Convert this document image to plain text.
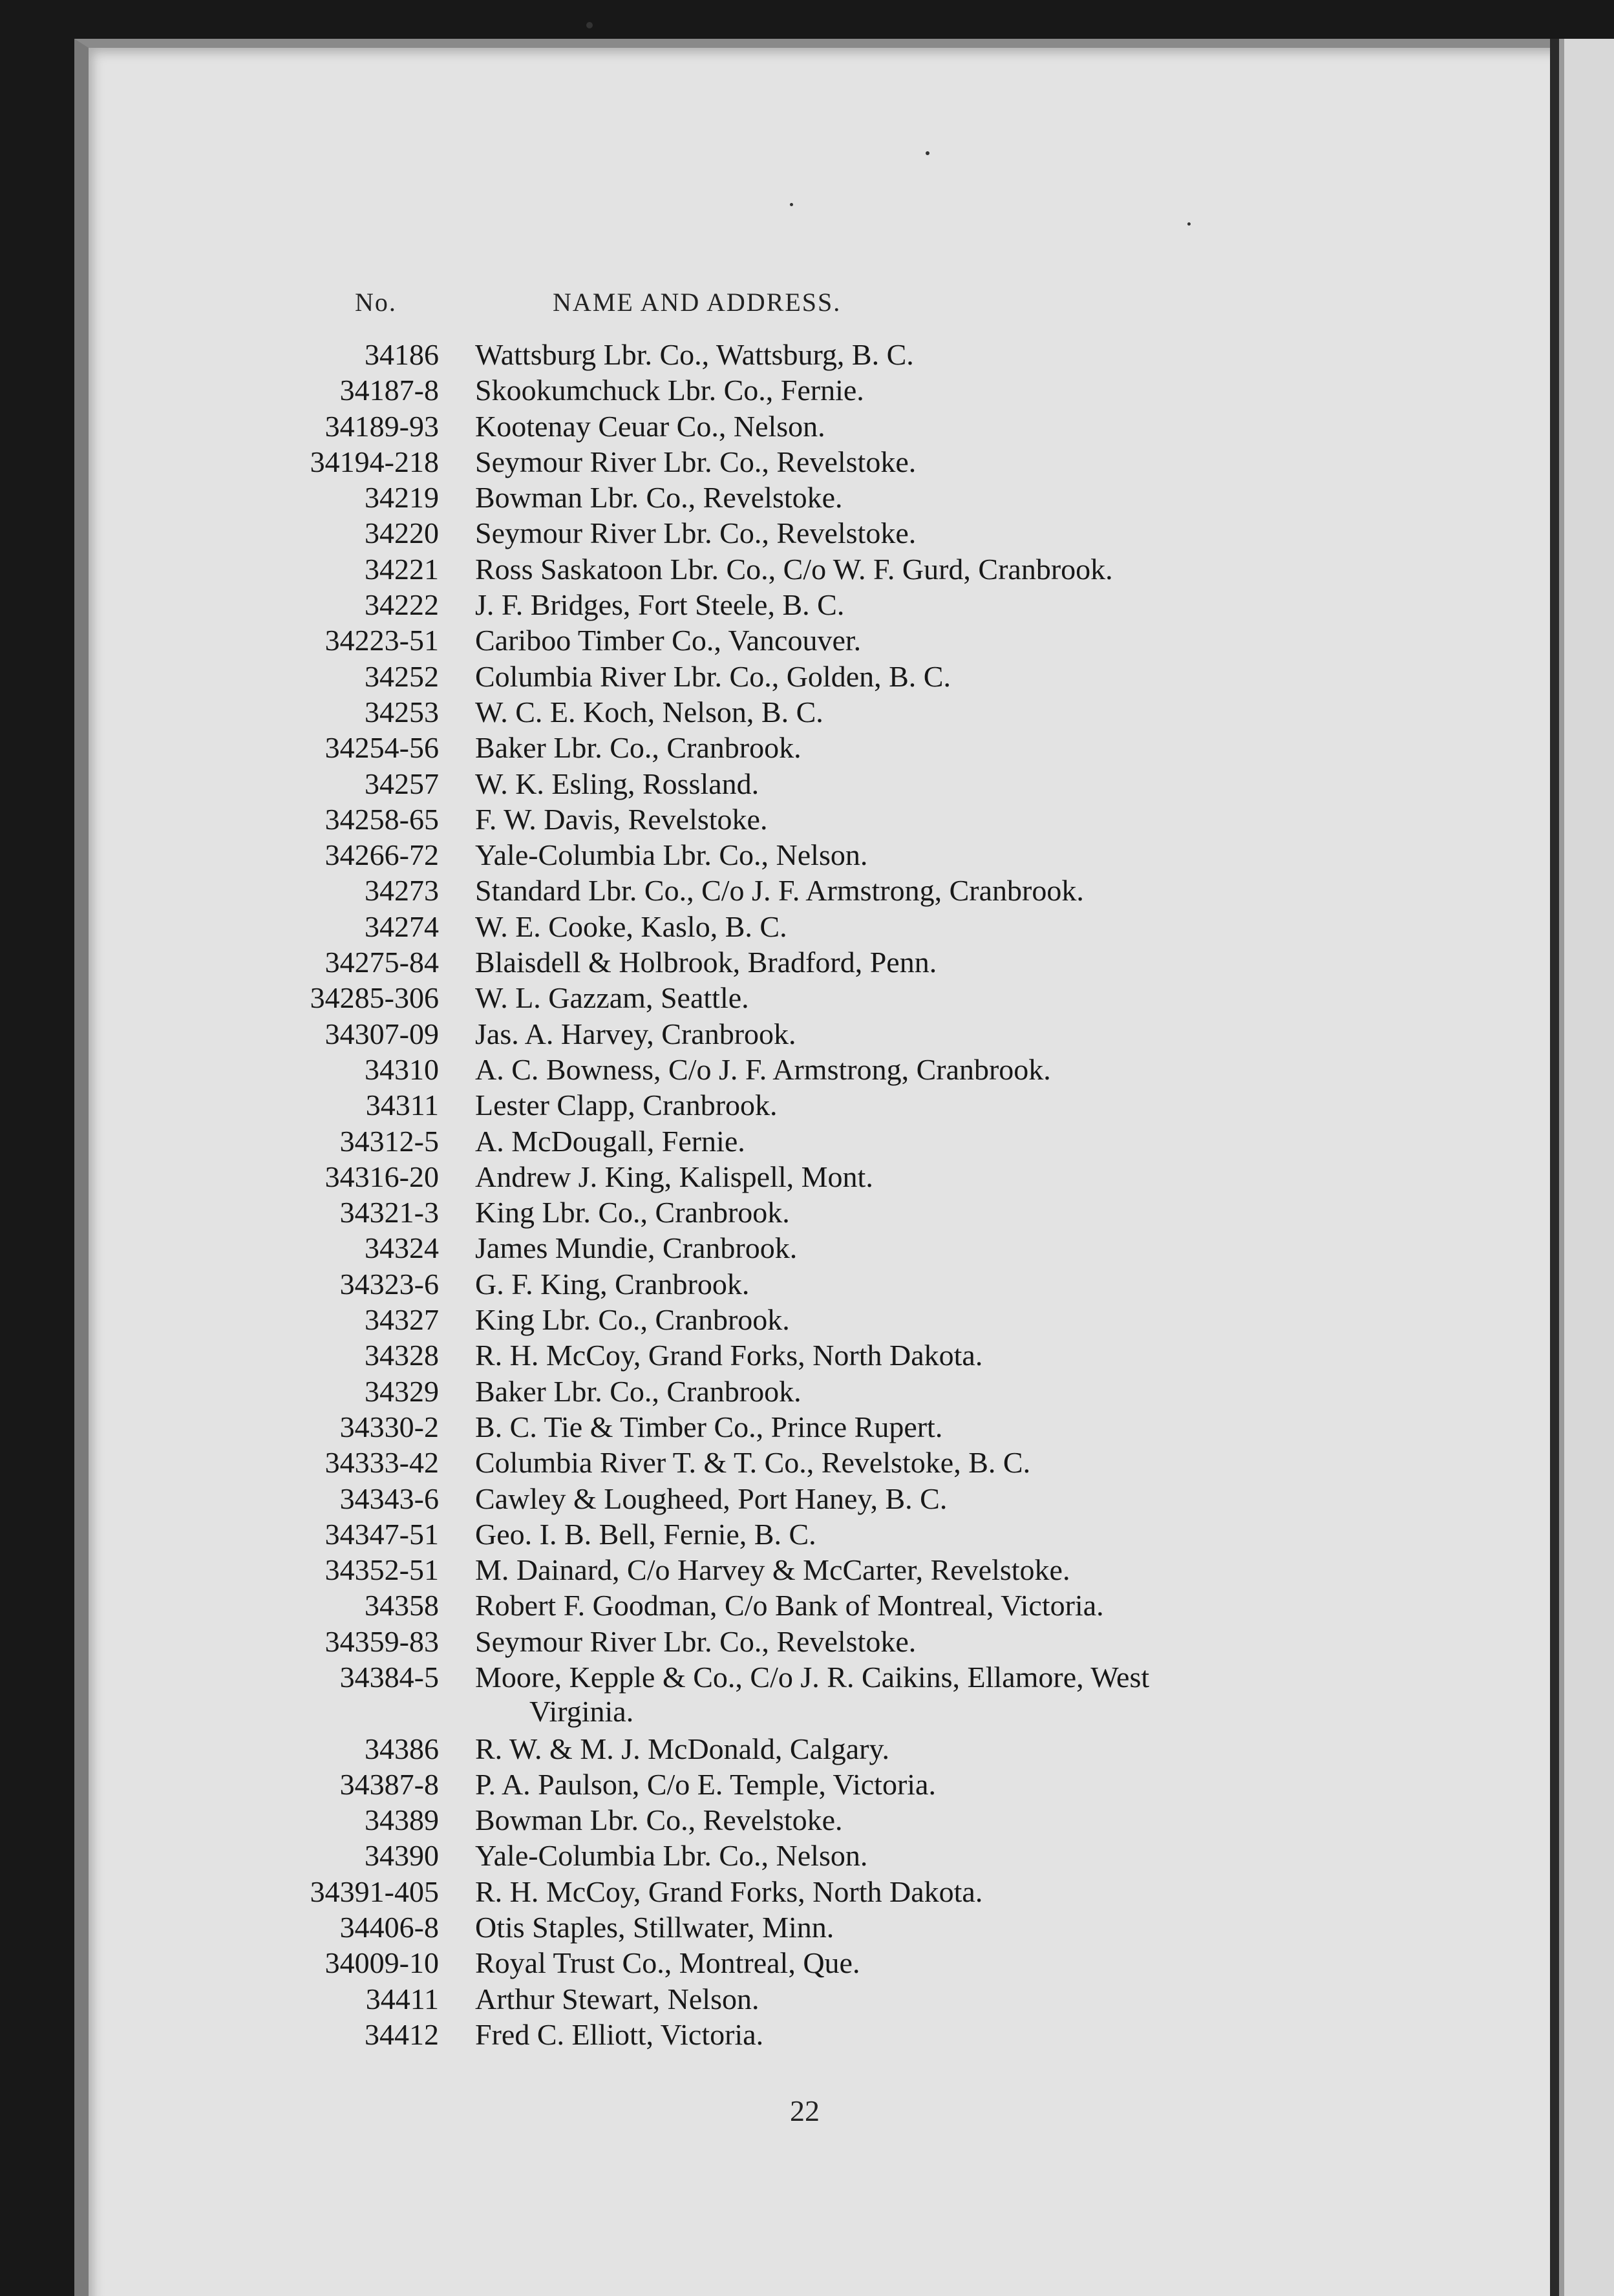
No.	NAME AND ADDRESS.
34186 Wattsburg Lbr. Co., Wattsburg, B. C.
34187-8 Skookumchuck Lbr. Co., Fernie.
34189-93 Kootenay Ceuar Co., Nelson.
34194-218 Seymour River Lbr. Co., Revelstoke.
34219 Bowman Lbr. Co., Revelstoke.
34220 Seymour River Lbr. Co., Revelstoke.
34221 Ross Saskatoon Lbr. Co., C/o W. F. Gurd, Cranbrook.
34222 J. F. Bridges, Fort Steele, B. C.
34223-51 Cariboo Timber Co., Vancouver.
34252 Columbia River Lbr. Co., Golden, B. C.
34253 W. C. E. Koch, Nelson, B. C.
34254-56 Baker Lbr. Co., Cranbrook.
34257 W. K. Esling, Rossland.
34258-65 F. W. Davis, Revelstoke.
34266-72 Yale-Columbia Lbr. Co., Nelson.
34273 Standard Lbr. Co., C/o J. F. Armstrong, Cranbrook.
34274 W. E. Cooke, Kaslo, B. C.
34275-84 Blaisdell & Holbrook, Bradford, Penn.
34285-306 W. L. Gazzam, Seattle.
34307-09 Jas. A. Harvey, Cranbrook.
34310 A. C. Bowness, C/o J. F. Armstrong, Cranbrook.
34311 Lester Clapp, Cranbrook.
34312-5 A. McDougall, Fernie.
34316-20 Andrew J. King, Kalispell, Mont.
34321-3 King Lbr. Co., Cranbrook.
34324 James Mundie, Cranbrook.
34323-6 G. F. King, Cranbrook.
34327 King Lbr. Co., Cranbrook.
34328 R. H. McCoy, Grand Forks, North Dakota.
34329 Baker Lbr. Co., Cranbrook.
34330-2 B. C. Tie & Timber Co., Prince Rupert.
34333-42 Columbia River T. & T. Co., Revelstoke, B. C.
34343-6 Cawley & Lougheed, Port Haney, B. C.
34347-51 Geo. I. B. Bell, Fernie, B. C.
34352-51 M. Dainard, C/o Harvey & McCarter, Revelstoke.
34358 Robert F. Goodman, C/o Bank of Montreal, Victoria.
34359-83 Seymour River Lbr. Co., Revelstoke.
34384-5 Moore, Kepple & Co., C/o J. R. Caikins, Ellamore, West
Virginia.
34386 R. W. & M. J. McDonald, Calgary.
34387-8 P. A. Paulson, C/o E. Temple, Victoria.
34389 Bowman Lbr. Co., Revelstoke.
34390 Yale-Columbia Lbr. Co., Nelson.
34391-405 R. H. McCoy, Grand Forks, North Dakota.
34406-8 Otis Staples, Stillwater, Minn.
34009-10 Royal Trust Co., Montreal, Que.
34411 Arthur Stewart, Nelson.
34412 Fred C. Elliott, Victoria.
22
